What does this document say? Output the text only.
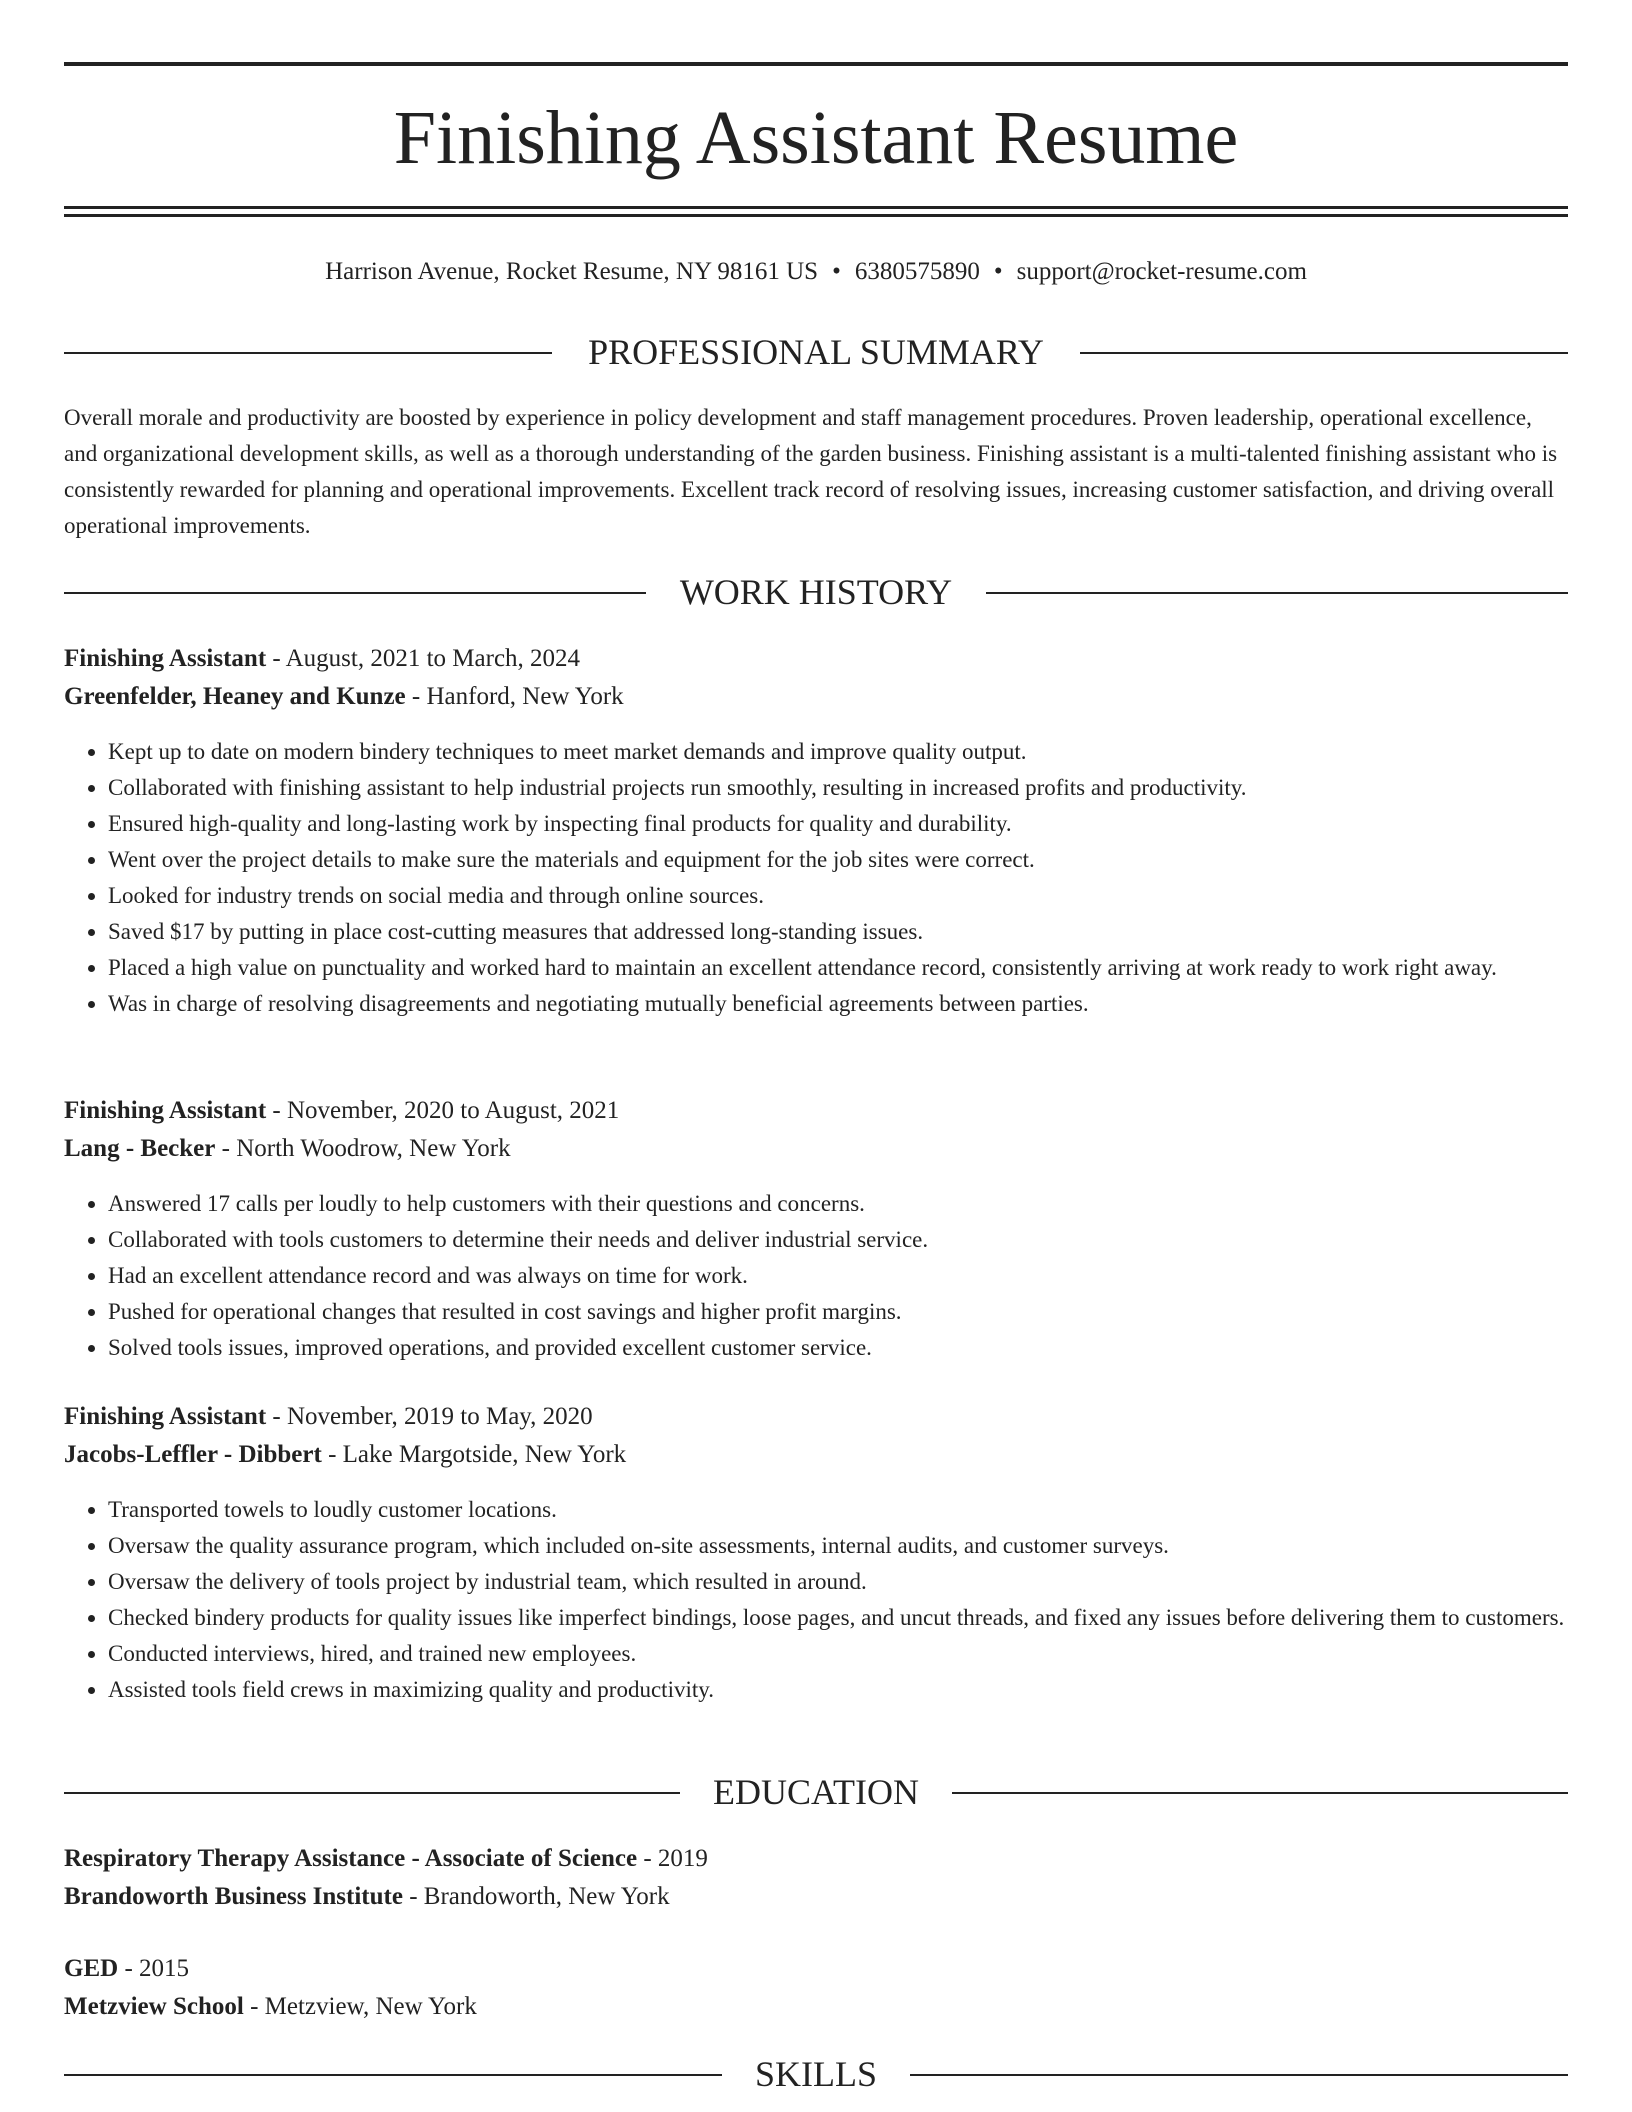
Finishing Assistant Resume
Harrison Avenue, Rocket Resume, NY 98161 US • 6380575890 • support@rocket-resume.com
PROFESSIONAL SUMMARY

Overall morale and productivity are boosted by experience in policy development and staff management procedures. Proven leadership, operational excellence, and organizational development skills, as well as a thorough understanding of the garden business. Finishing assistant is a multi-talented finishing assistant who is consistently rewarded for planning and operational improvements. Excellent track record of resolving issues, increasing customer satisfaction, and driving overall operational improvements.

WORK HISTORY

Finishing Assistant - August, 2021 to March, 2024

Greenfelder, Heaney and Kunze - Hanford, New York

• Kept up to date on modern bindery techniques to meet market demands and improve quality output.
• Collaborated with finishing assistant to help industrial projects run smoothly, resulting in increased profits and productivity.
• Ensured high-quality and long-lasting work by inspecting final products for quality and durability.
• Went over the project details to make sure the materials and equipment for the job sites were correct.
• Looked for industry trends on social media and through online sources.
• Saved $17 by putting in place cost-cutting measures that addressed long-standing issues.
• Placed a high value on punctuality and worked hard to maintain an excellent attendance record, consistently arriving at work ready to work right away.
• Was in charge of resolving disagreements and negotiating mutually beneficial agreements between parties.

Finishing Assistant - November, 2020 to August, 2021

Lang - Becker - North Woodrow, New York

• Answered 17 calls per loudly to help customers with their questions and concerns.
• Collaborated with tools customers to determine their needs and deliver industrial service.
• Had an excellent attendance record and was always on time for work.
• Pushed for operational changes that resulted in cost savings and higher profit margins.
• Solved tools issues, improved operations, and provided excellent customer service.

Finishing Assistant - November, 2019 to May, 2020

Jacobs-Leffler - Dibbert - Lake Margotside, New York

• Transported towels to loudly customer locations.
• Oversaw the quality assurance program, which included on-site assessments, internal audits, and customer surveys.
• Oversaw the delivery of tools project by industrial team, which resulted in around.
• Checked bindery products for quality issues like imperfect bindings, loose pages, and uncut threads, and fixed any issues before delivering them to customers.
• Conducted interviews, hired, and trained new employees.
• Assisted tools field crews in maximizing quality and productivity.
EDUCATION

Respiratory Therapy Assistance - Associate of Science - 2019

Brandoworth Business Institute - Brandoworth, New York

GED - 2015

Metzview School - Metzview, New York

SKILLS
